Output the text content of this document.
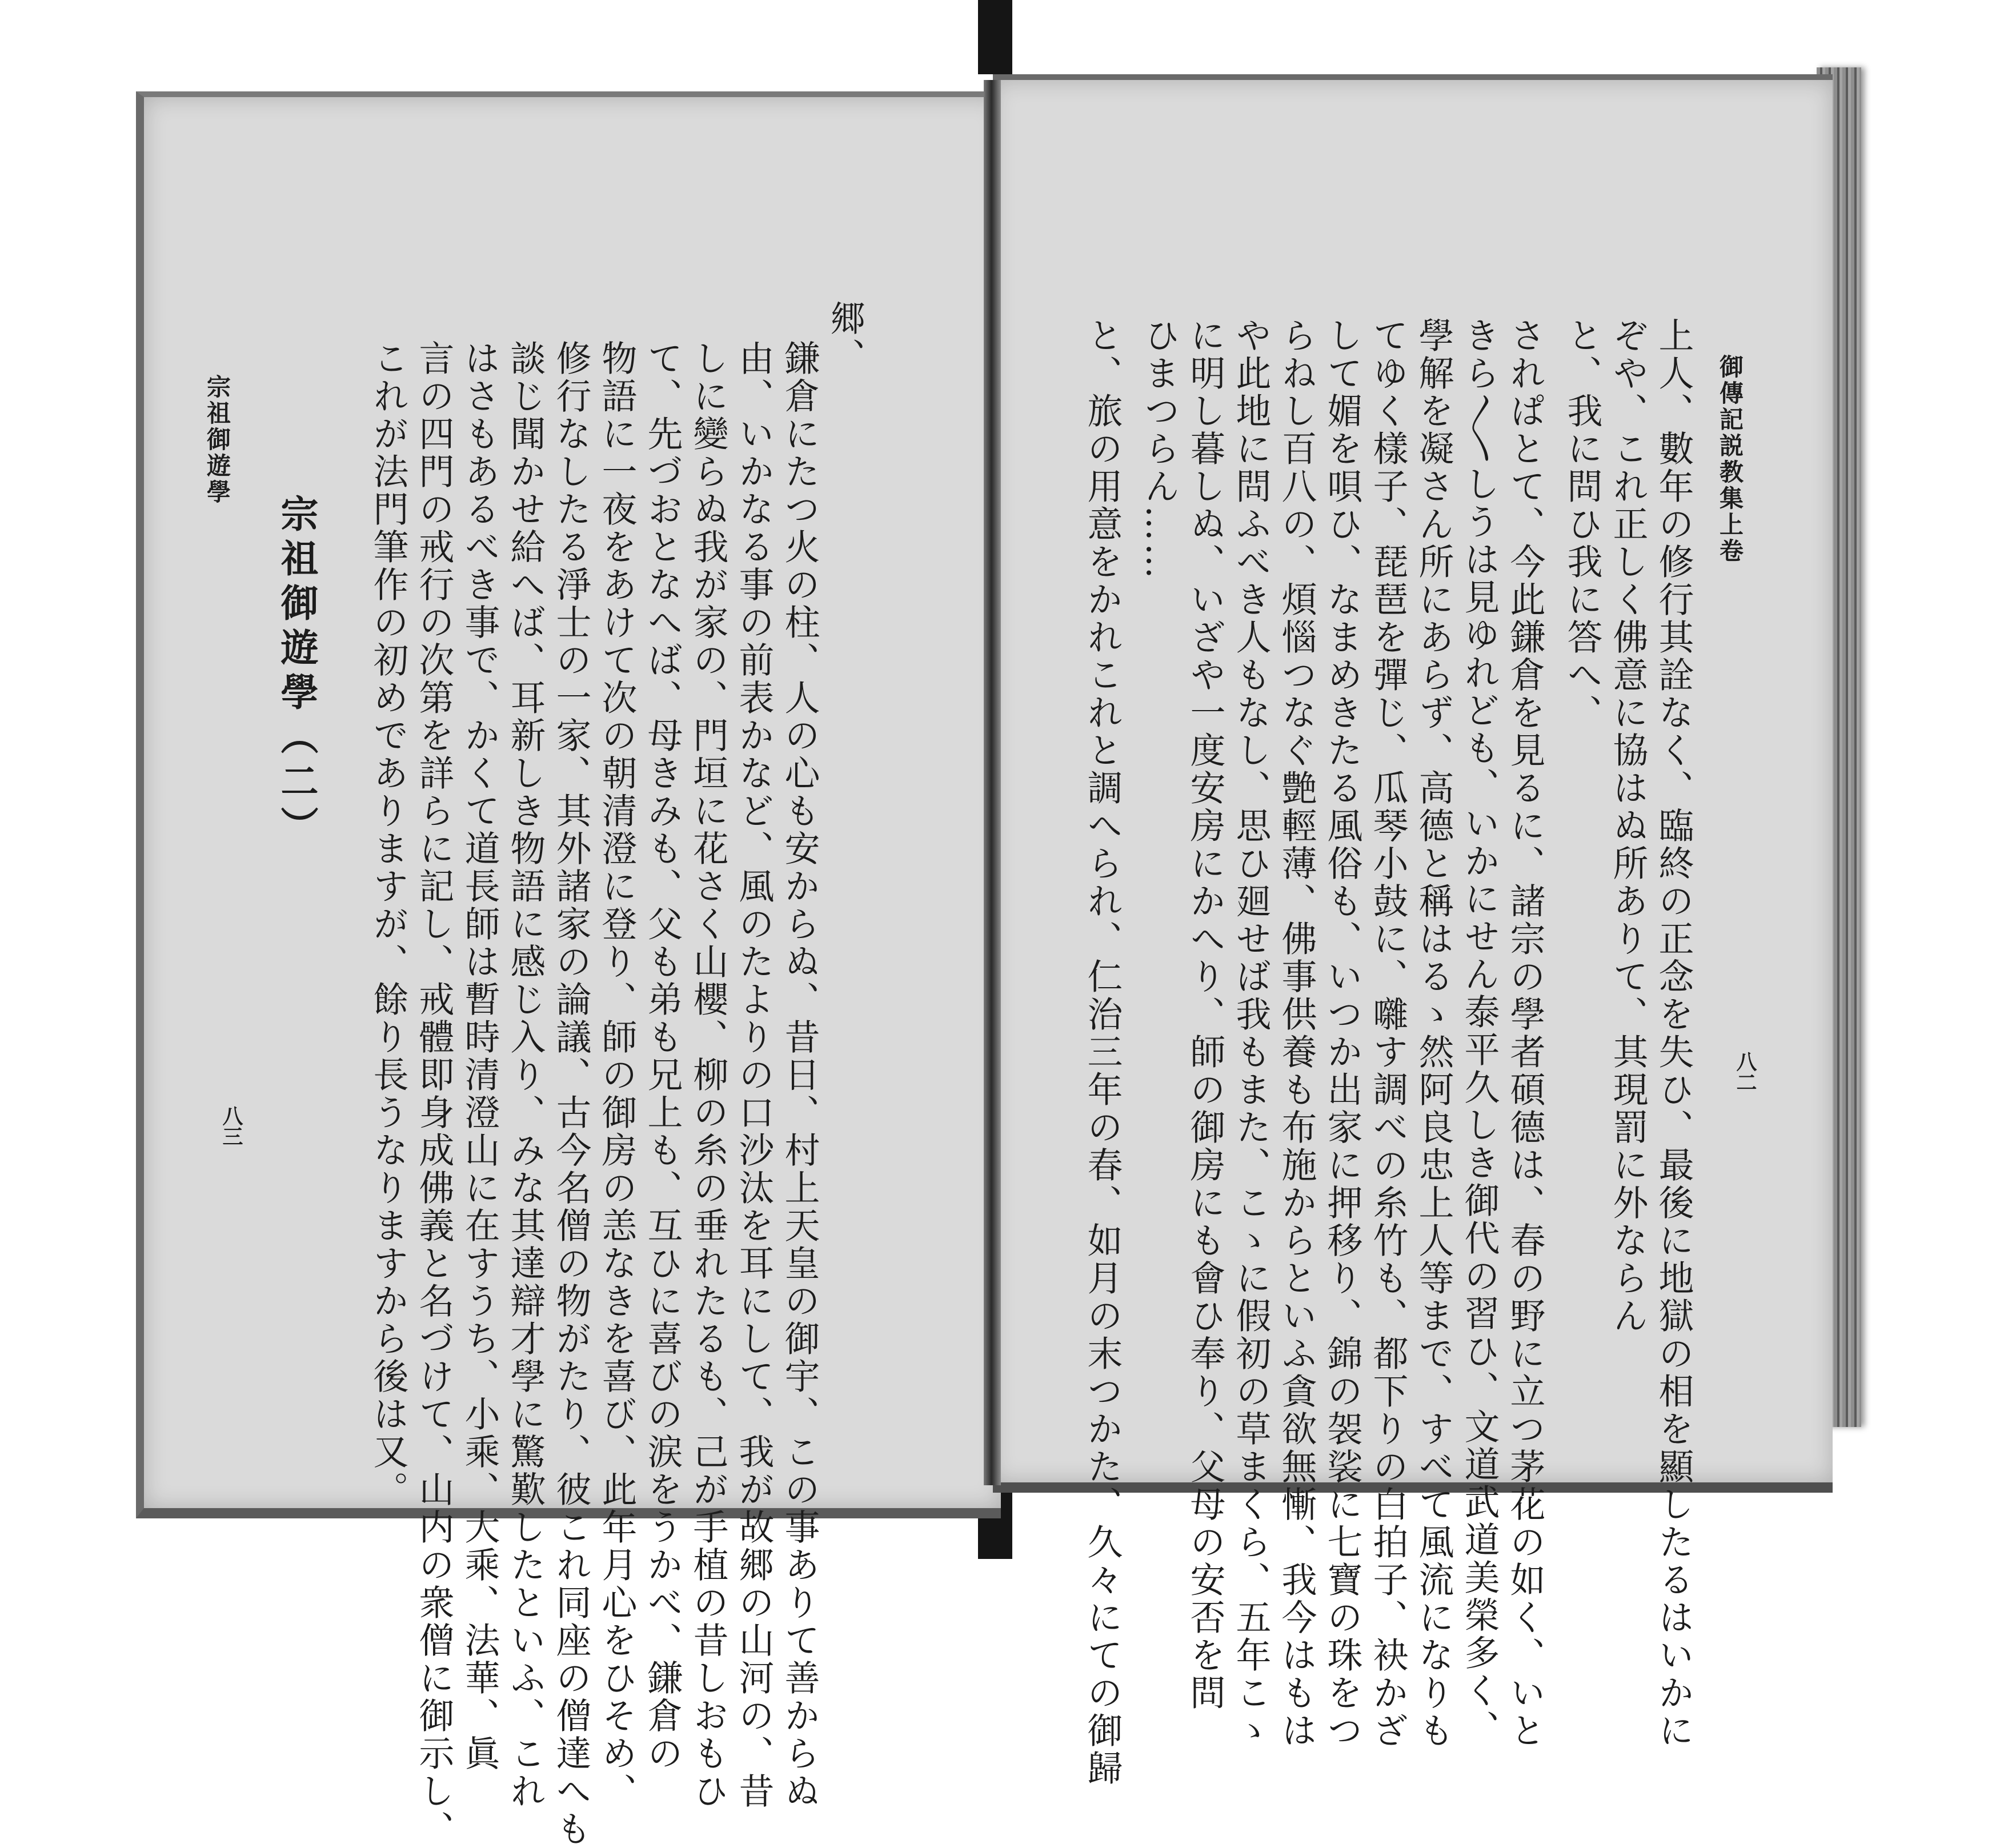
御傳記説教集上卷
八二
上人、數年の修行其詮なく、臨終の正念を失ひ、最後に地獄の相を顯したるはいかに
ぞや、これ正しく佛意に協はぬ所ありて、其現罰に外ならん
と、我に問ひ我に答へ、
されぱとて、今此鎌倉を見るに、諸宗の學者碩德は、春の野に立つ茅花の如く、いと
きら〳〵しうは見ゆれども、いかにせん泰平久しき御代の習ひ、文道武道美榮多く、
學解を凝さん所にあらず、高德と稱はるゝ然阿良忠上人等まで、すべて風流になりも
てゆく樣子、琵琶を彈じ、瓜琴小鼓に、囃す調べの糸竹も、都下りの白拍子、袂かざ
して媚を唄ひ、なまめきたる風俗も、いつか出家に押移り、錦の袈裟に七寶の珠をつ
らねし百八の、煩惱つなぐ艶輕薄、佛事供養も布施からといふ貪欲無慚、我今はもは
や此地に問ふべき人もなし、思ひ廻せば我もまた、こゝに假初の草まくら、五年こゝ
に明し暮しぬ、いざや一度安房にかへり、師の御房にも會ひ奉り、父母の安否を問
ひまつらん……
と、旅の用意をかれこれと調へられ、仁治三年の春、如月の末つかた、久々にての御歸
郷、
鎌倉にたつ火の柱、人の心も安からぬ、昔日、村上天皇の御宇、この事ありて善からぬ
由、いかなる事の前表かなど、風のたよりの口沙汰を耳にして、我が故郷の山河の、昔
しに變らぬ我が家の、門垣に花さく山櫻、柳の糸の垂れたるも、己が手植の昔しおもひ
て、先づおとなへば、母きみも、父も弟も兄上も、互ひに喜びの涙をうかべ、鎌倉の
物語に一夜をあけて次の朝清澄に登り、師の御房の恙なきを喜び、此年月心をひそめ、
修行なしたる淨士の一家、其外諸家の論議、古今名僧の物がたり、彼これ同座の僧達へも
談じ聞かせ給へば、耳新しき物語に感じ入り、みな其達辯才學に驚歎したといふ、これ
はさもあるべき事で、かくて道長師は暫時清澄山に在すうち、小乘、大乘、法華、眞
言の四門の戒行の次第を詳らに記し、戒體即身成佛義と名づけて、山内の衆僧に御示し、
これが法門筆作の初めでありますが、餘り長うなりますから後は又。
宗祖御遊學（二）
宗祖御遊學
八三
